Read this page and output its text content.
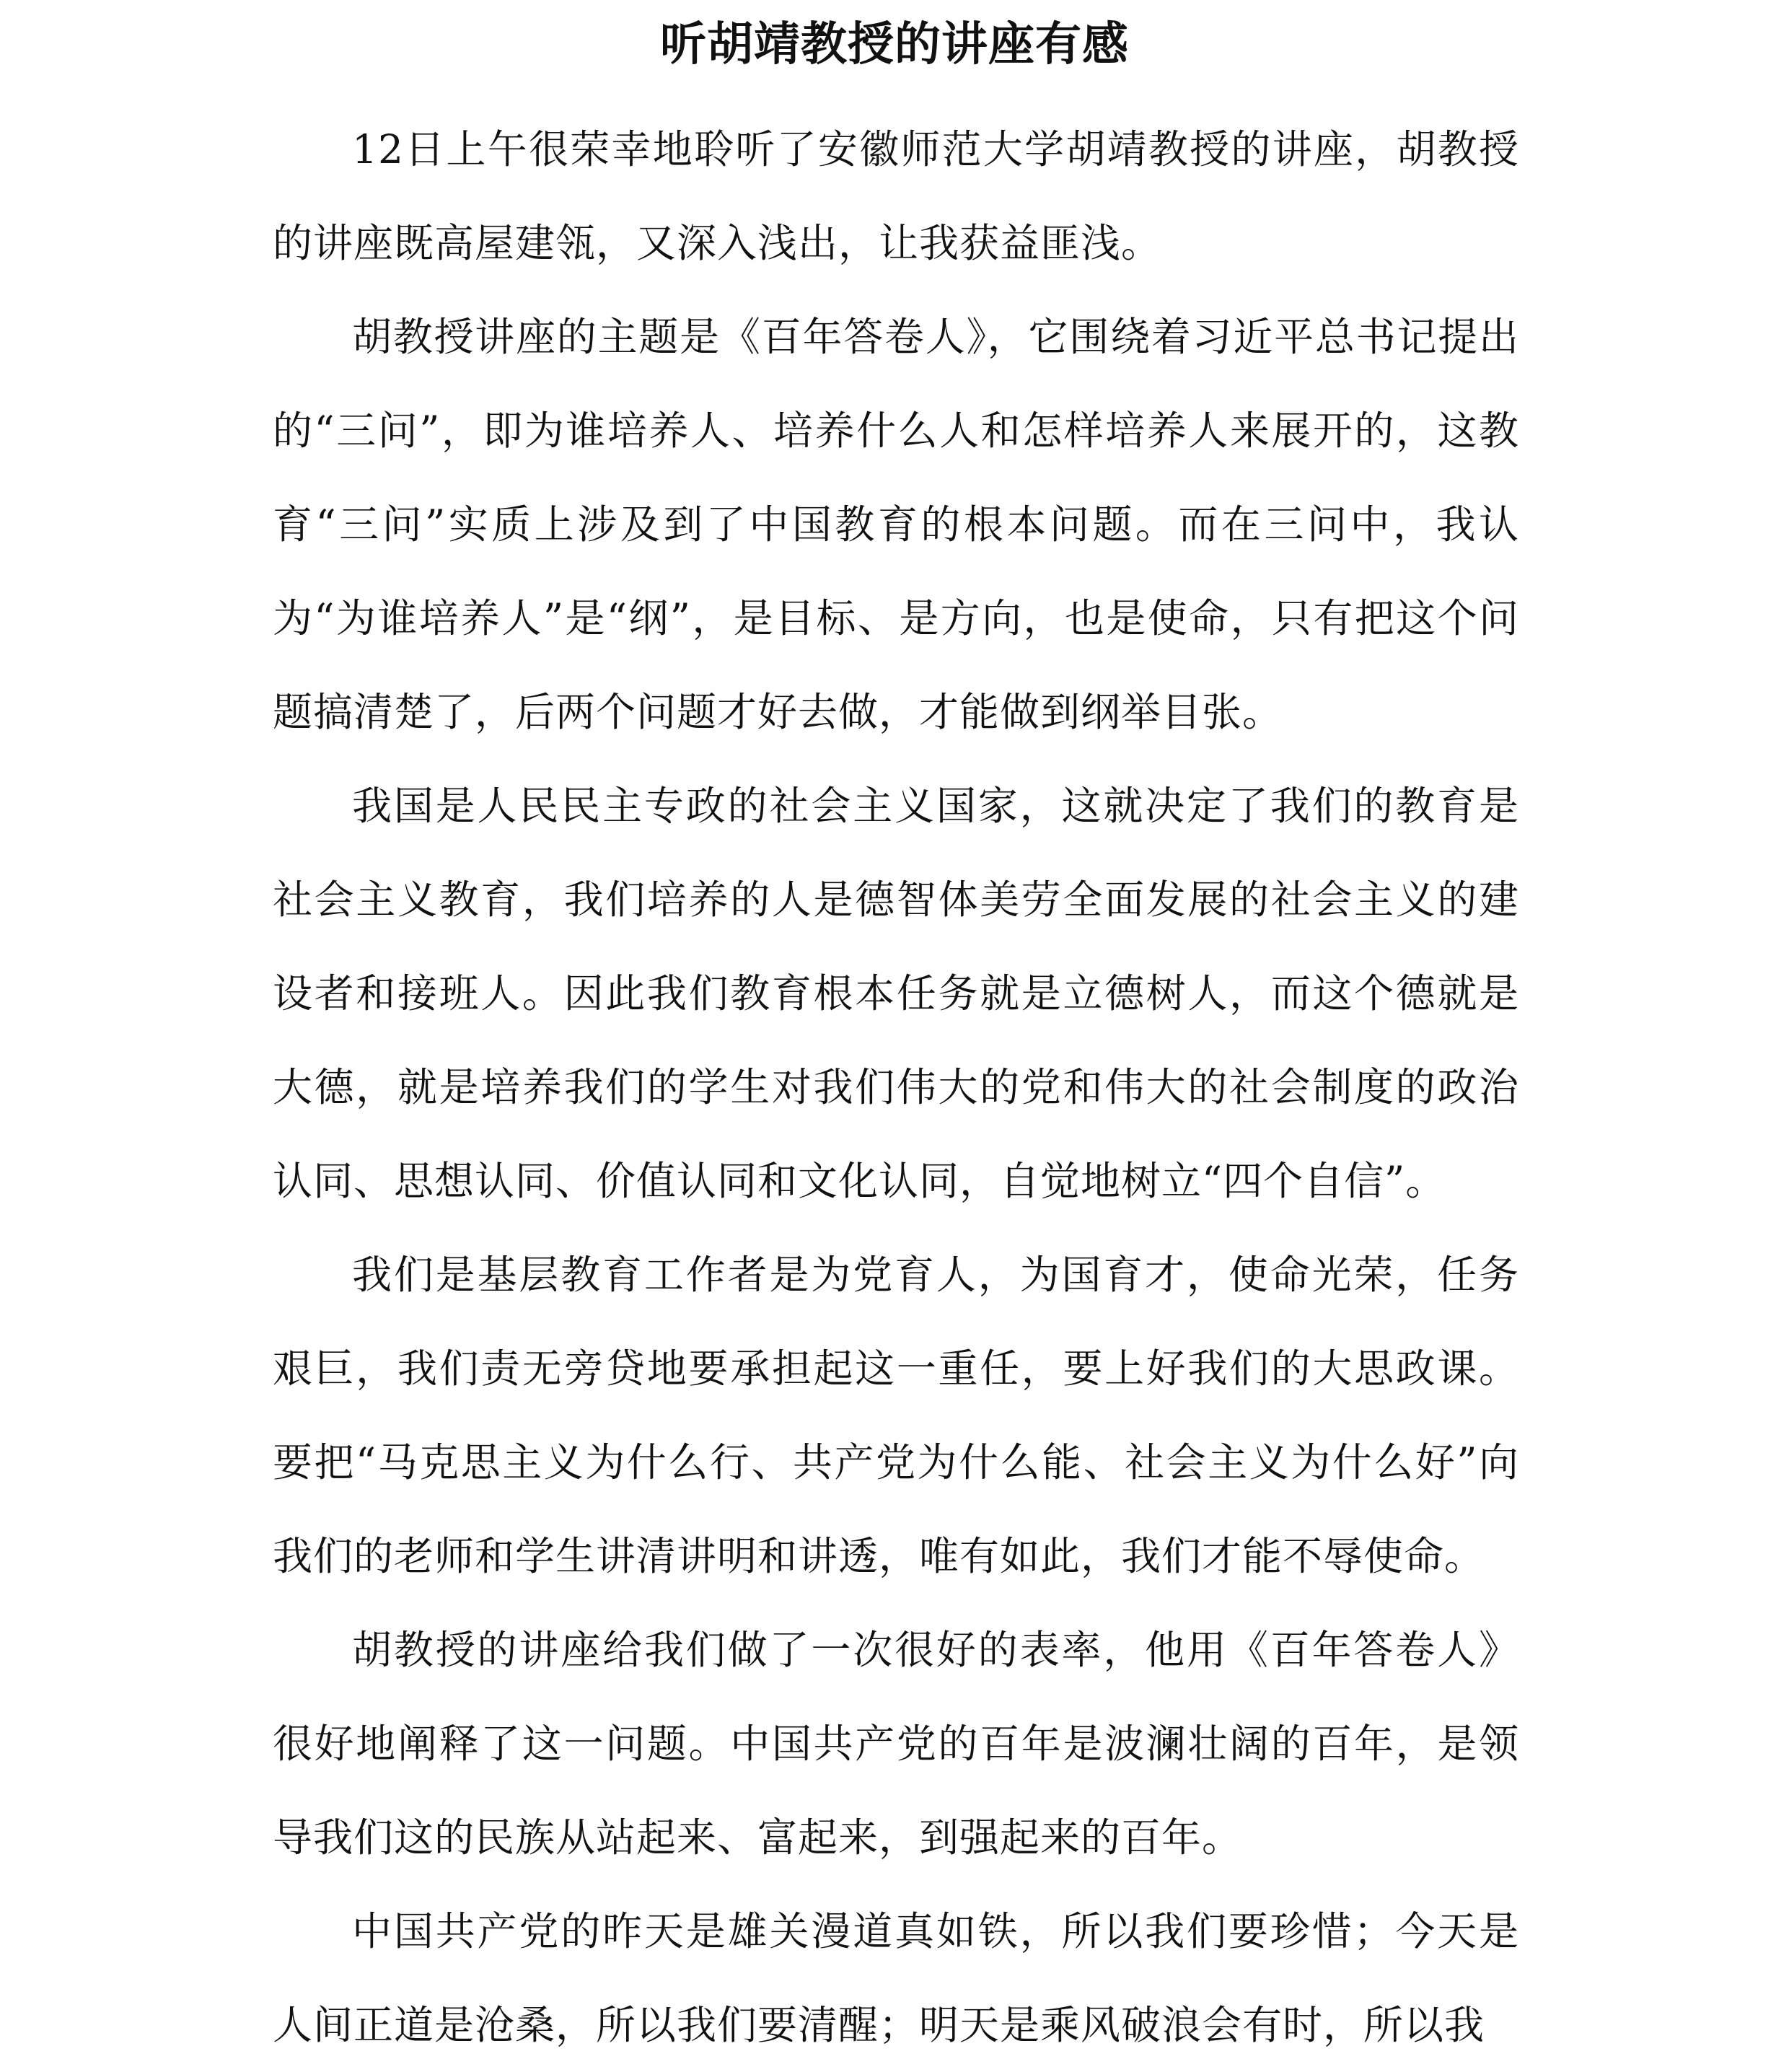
听胡靖教授的讲座有感

12日上午很荣幸地聆听了安徽师范大学胡靖教授的讲座，胡教授的讲座既高屋建瓴，又深入浅出，让我获益匪浅。

胡教授讲座的主题是《百年答卷人》，它围绕着习近平总书记提出的“三问”，即为谁培养人、培养什么人和怎样培养人来展开的，这教育“三问”实质上涉及到了中国教育的根本问题。而在三问中，我认为“为谁培养人”是“纲”，是目标、是方向，也是使命，只有把这个问题搞清楚了，后两个问题才好去做，才能做到纲举目张。

我国是人民民主专政的社会主义国家，这就决定了我们的教育是社会主义教育，我们培养的人是德智体美劳全面发展的社会主义的建设者和接班人。因此我们教育根本任务就是立德树人，而这个德就是大德，就是培养我们的学生对我们伟大的党和伟大的社会制度的政治认同、思想认同、价值认同和文化认同，自觉地树立“四个自信”。

我们是基层教育工作者是为党育人，为国育才，使命光荣，任务艰巨，我们责无旁贷地要承担起这一重任，要上好我们的大思政课。要把“马克思主义为什么行、共产党为什么能、社会主义为什么好”向我们的老师和学生讲清讲明和讲透，唯有如此，我们才能不辱使命。

胡教授的讲座给我们做了一次很好的表率，他用《百年答卷人》很好地阐释了这一问题。中国共产党的百年是波澜壮阔的百年，是领导我们这的民族从站起来、富起来，到强起来的百年。

中国共产党的昨天是雄关漫道真如铁，所以我们要珍惜；今天是人间正道是沧桑，所以我们要清醒；明天是乘风破浪会有时，所以我
